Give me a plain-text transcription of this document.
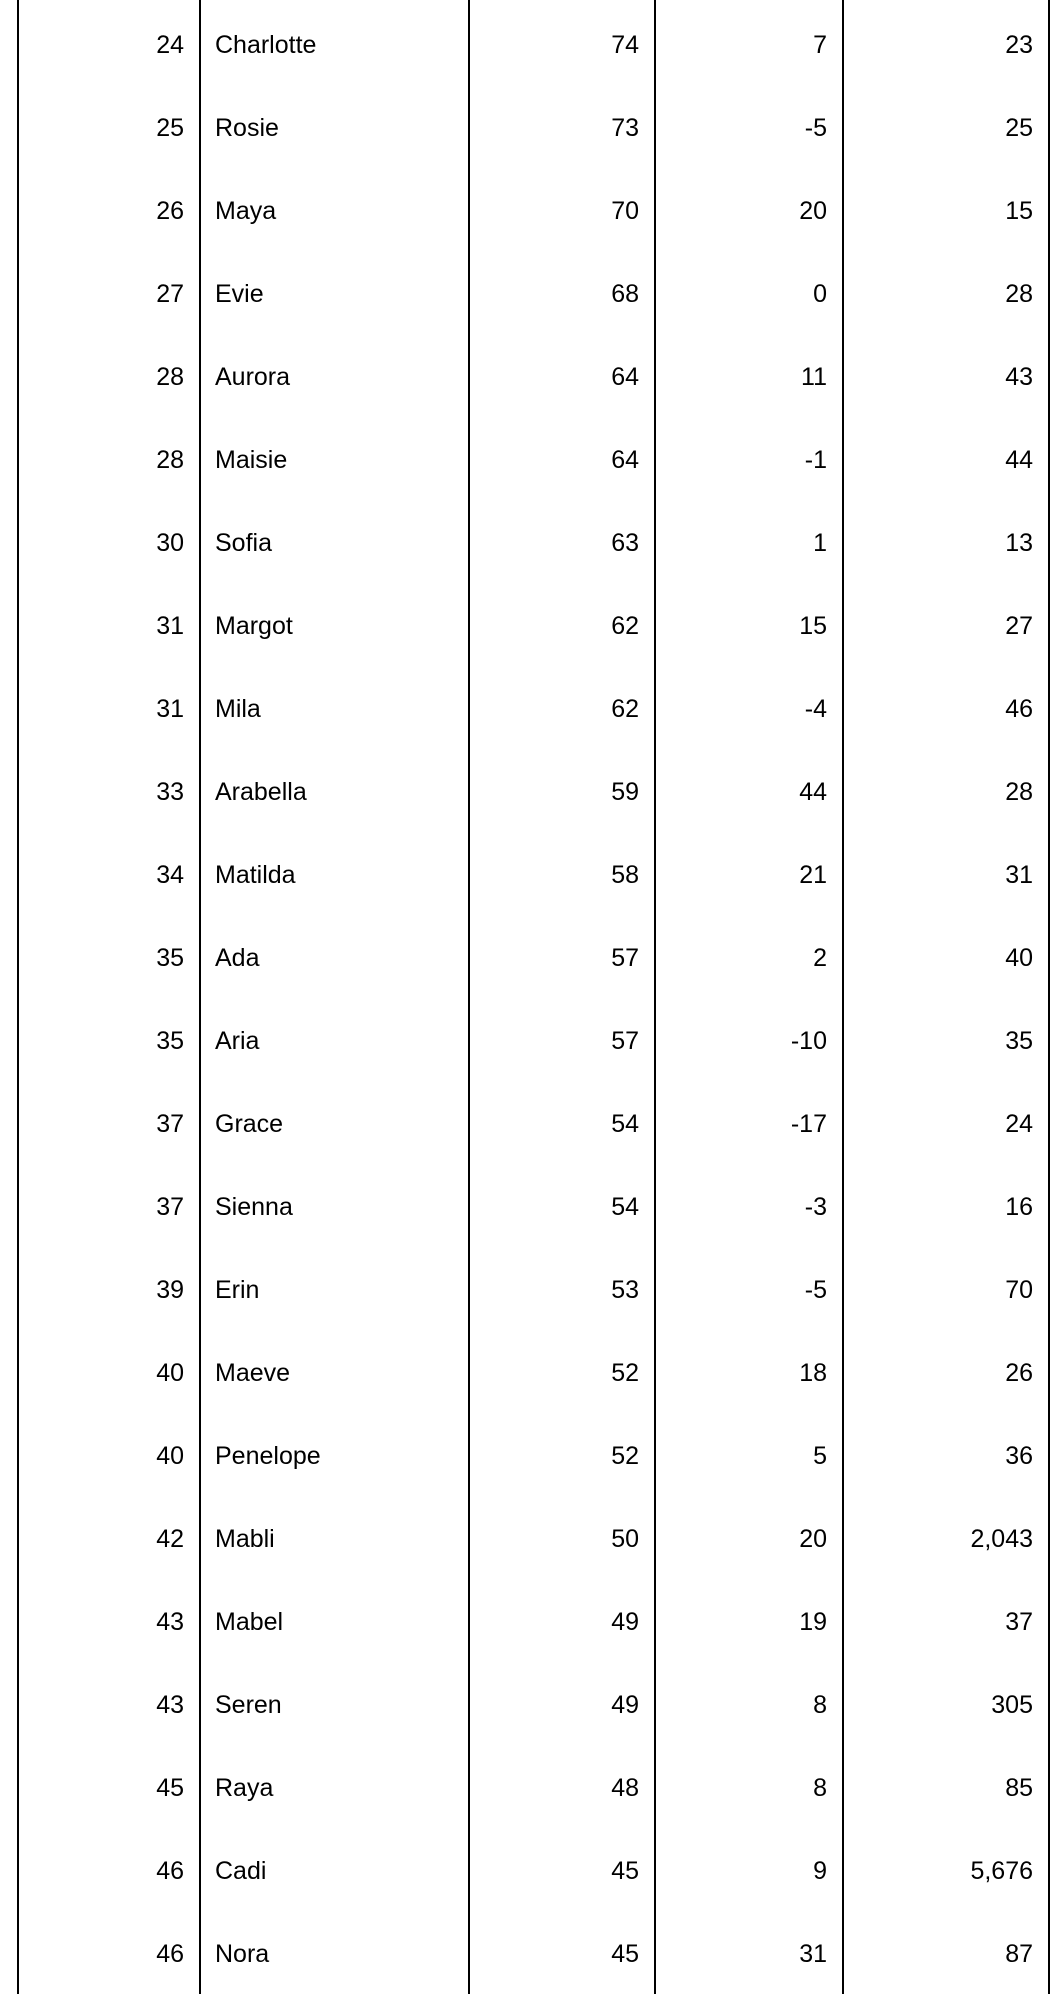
24 Charlotte	74	7	23
25 Rosie	73	-5	25
26 Maya	70	20	15
27 Evie	68	0	28
28 Aurora	64	11	43
28 Maisie	64	-1	44
30 Sofia	63	1	13
31 Margot	62	15	27
31 Mila	62	-4	46
33 Arabella	59	44	28
34 Matilda	58	21	31
35 Ada	57	2	40
35 Aria	57	-10	35
37 Grace	54	-17	24
37 Sienna	54	-3	16
39 Erin	53	-5	70
40 Maeve	52	18	26
40 Penelope	52	5	36
42 Mabli	50	20	2,043
43 Mabel	49	19	37
43 Seren	49	8	305
45 Raya	48	8	85
46 Cadi	45	9	5,676
46 Nora	45	31	87
